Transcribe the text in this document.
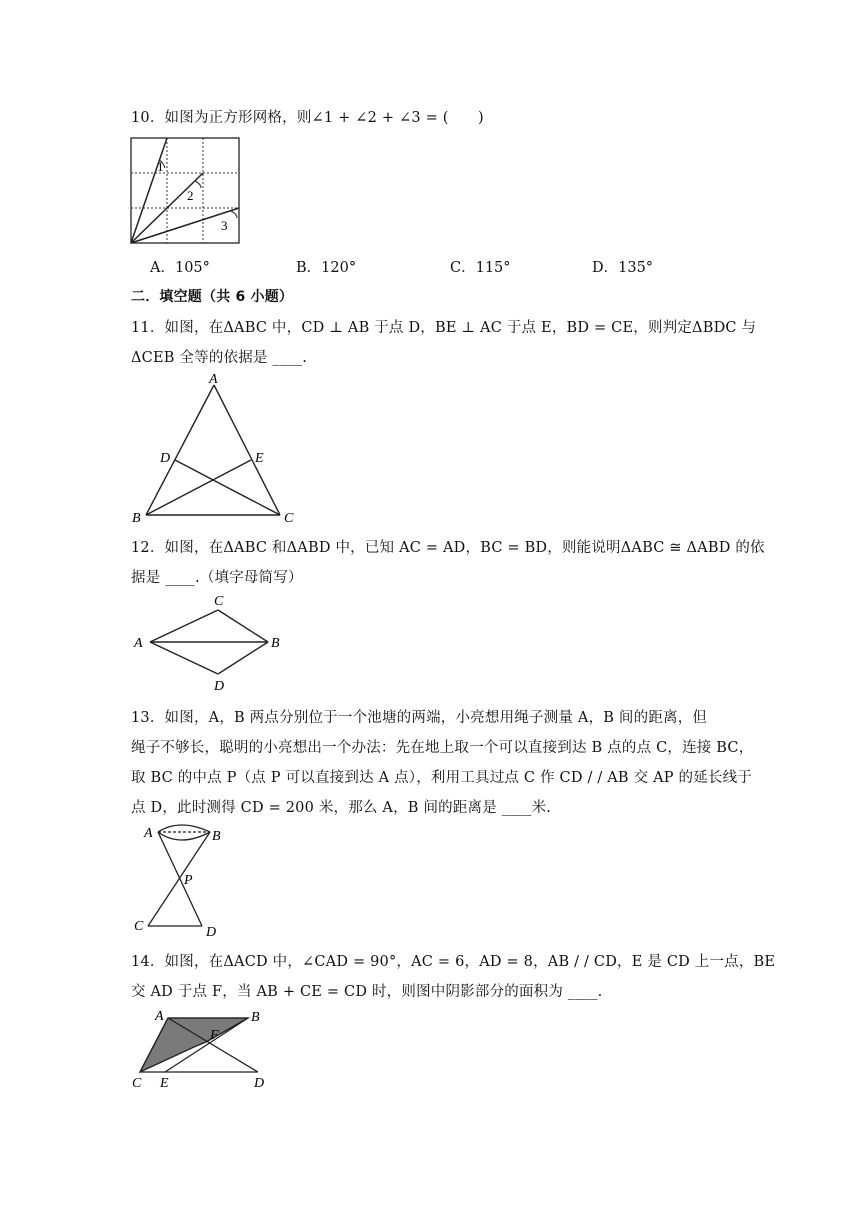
10．如图为正方形网格，则∠1 + ∠2 + ∠3 = (　　)
1
2
3
A．105°	B．120°	C．115°	D．135°
二．填空题（共 6 小题）
11．如图，在ΔABC 中，CD ⊥ AB 于点 D，BE ⊥ AC 于点 E，BD = CE，则判定ΔBDC 与
ΔCEB 全等的依据是 ____.
A
B	C
D	E
12．如图，在ΔABC 和ΔABD 中，已知 AC = AD，BC = BD，则能说明ΔABC ≅ ΔABD 的依
据是 ____.（填字母简写）
A	B
C
D
13．如图，A，B 两点分别位于一个池塘的两端，小亮想用绳子测量 A，B 间的距离，但
绳子不够长，聪明的小亮想出一个办法：先在地上取一个可以直接到达 B 点的点 C，连接 BC，
取 BC 的中点 P（点 P 可以直接到达 A 点），利用工具过点 C 作 CD / / AB 交 AP 的延长线于
点 D，此时测得 CD = 200 米，那么 A，B 间的距离是 ____米.
A	B
P
C	D
14．如图，在ΔACD 中，∠CAD = 90°，AC = 6，AD = 8，AB / / CD，E 是 CD 上一点，BE
交 AD 于点 F，当 AB + CE = CD 时，则图中阴影部分的面积为 ____.
A	B
F
C E	D
